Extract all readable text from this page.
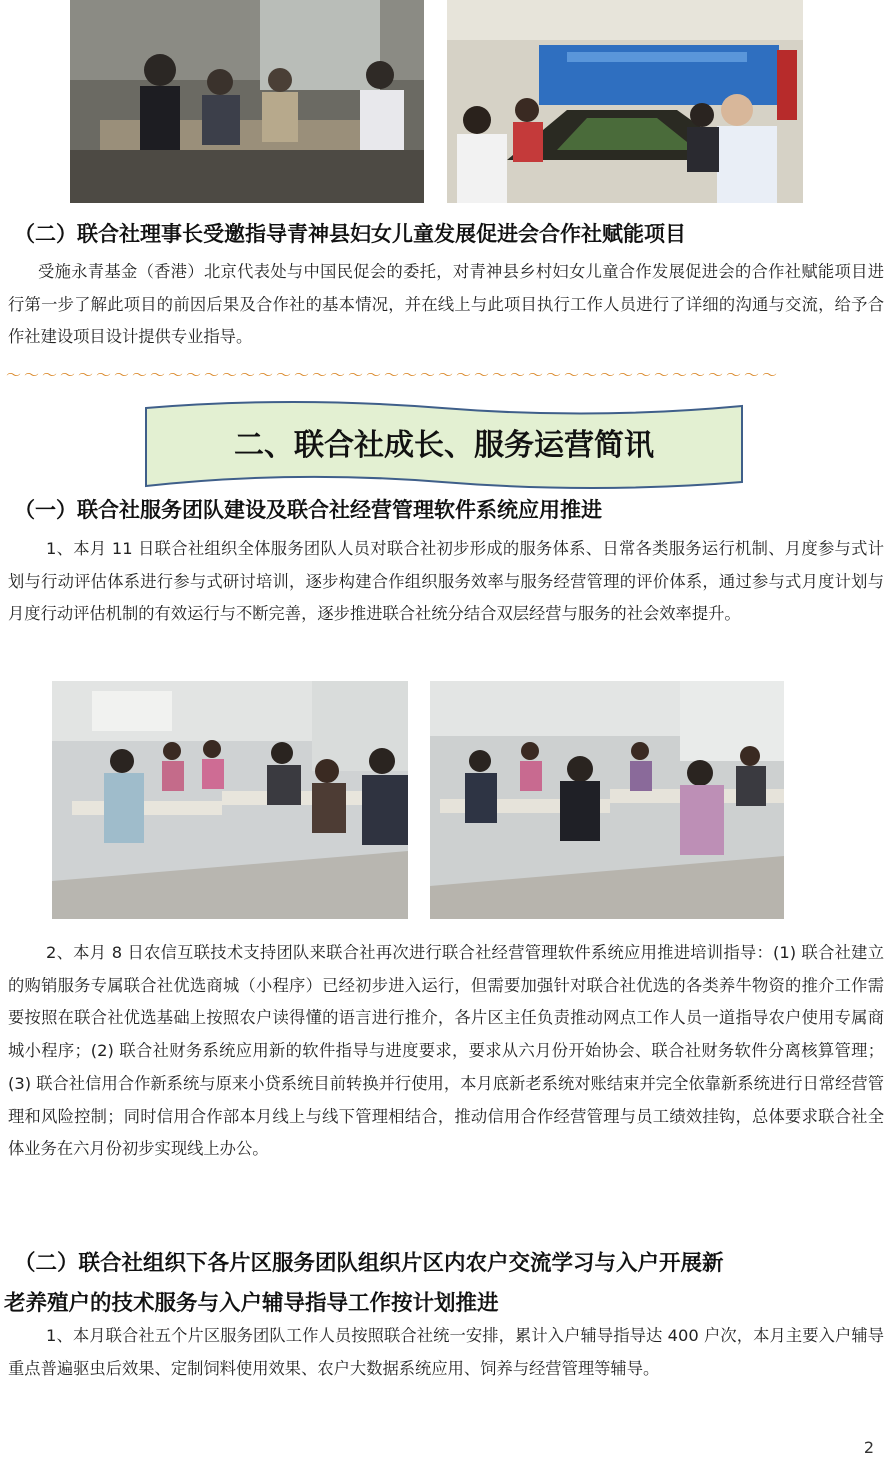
（二）联合社理事长受邀指导青神县妇女儿童发展促进会合作社赋能项目
受施永青基金（香港）北京代表处与中国民促会的委托，对青神县乡村妇女儿童合作发展促进会的合作社赋能项目进行第一步了解此项目的前因后果及合作社的基本情况，并在线上与此项目执行工作人员进行了详细的沟通与交流，给予合作社建设项目设计提供专业指导。
～～～～～～～～～～～～～～～～～～～～～～～～～～～～～～～～～～～～～～～～～～～
二、联合社成长、服务运营简讯
（一）联合社服务团队建设及联合社经营管理软件系统应用推进
1、本月 11 日联合社组织全体服务团队人员对联合社初步形成的服务体系、日常各类服务运行机制、月度参与式计划与行动评估体系进行参与式研讨培训，逐步构建合作组织服务效率与服务经营管理的评价体系，通过参与式月度计划与月度行动评估机制的有效运行与不断完善，逐步推进联合社统分结合双层经营与服务的社会效率提升。
2、本月 8 日农信互联技术支持团队来联合社再次进行联合社经营管理软件系统应用推进培训指导：(1) 联合社建立的购销服务专属联合社优选商城（小程序）已经初步进入运行，但需要加强针对联合社优选的各类养牛物资的推介工作需要按照在联合社优选基础上按照农户读得懂的语言进行推介，各片区主任负责推动网点工作人员一道指导农户使用专属商城小程序；(2) 联合社财务系统应用新的软件指导与进度要求，要求从六月份开始协会、联合社财务软件分离核算管理；(3) 联合社信用合作新系统与原来小贷系统目前转换并行使用，本月底新老系统对账结束并完全依靠新系统进行日常经营管理和风险控制；同时信用合作部本月线上与线下管理相结合，推动信用合作经营管理与员工绩效挂钩，总体要求联合社全体业务在六月份初步实现线上办公。
（二）联合社组织下各片区服务团队组织片区内农户交流学习与入户开展新
老养殖户的技术服务与入户辅导指导工作按计划推进
1、本月联合社五个片区服务团队工作人员按照联合社统一安排，累计入户辅导指导达 400 户次，本月主要入户辅导重点普遍驱虫后效果、定制饲料使用效果、农户大数据系统应用、饲养与经营管理等辅导。
2
